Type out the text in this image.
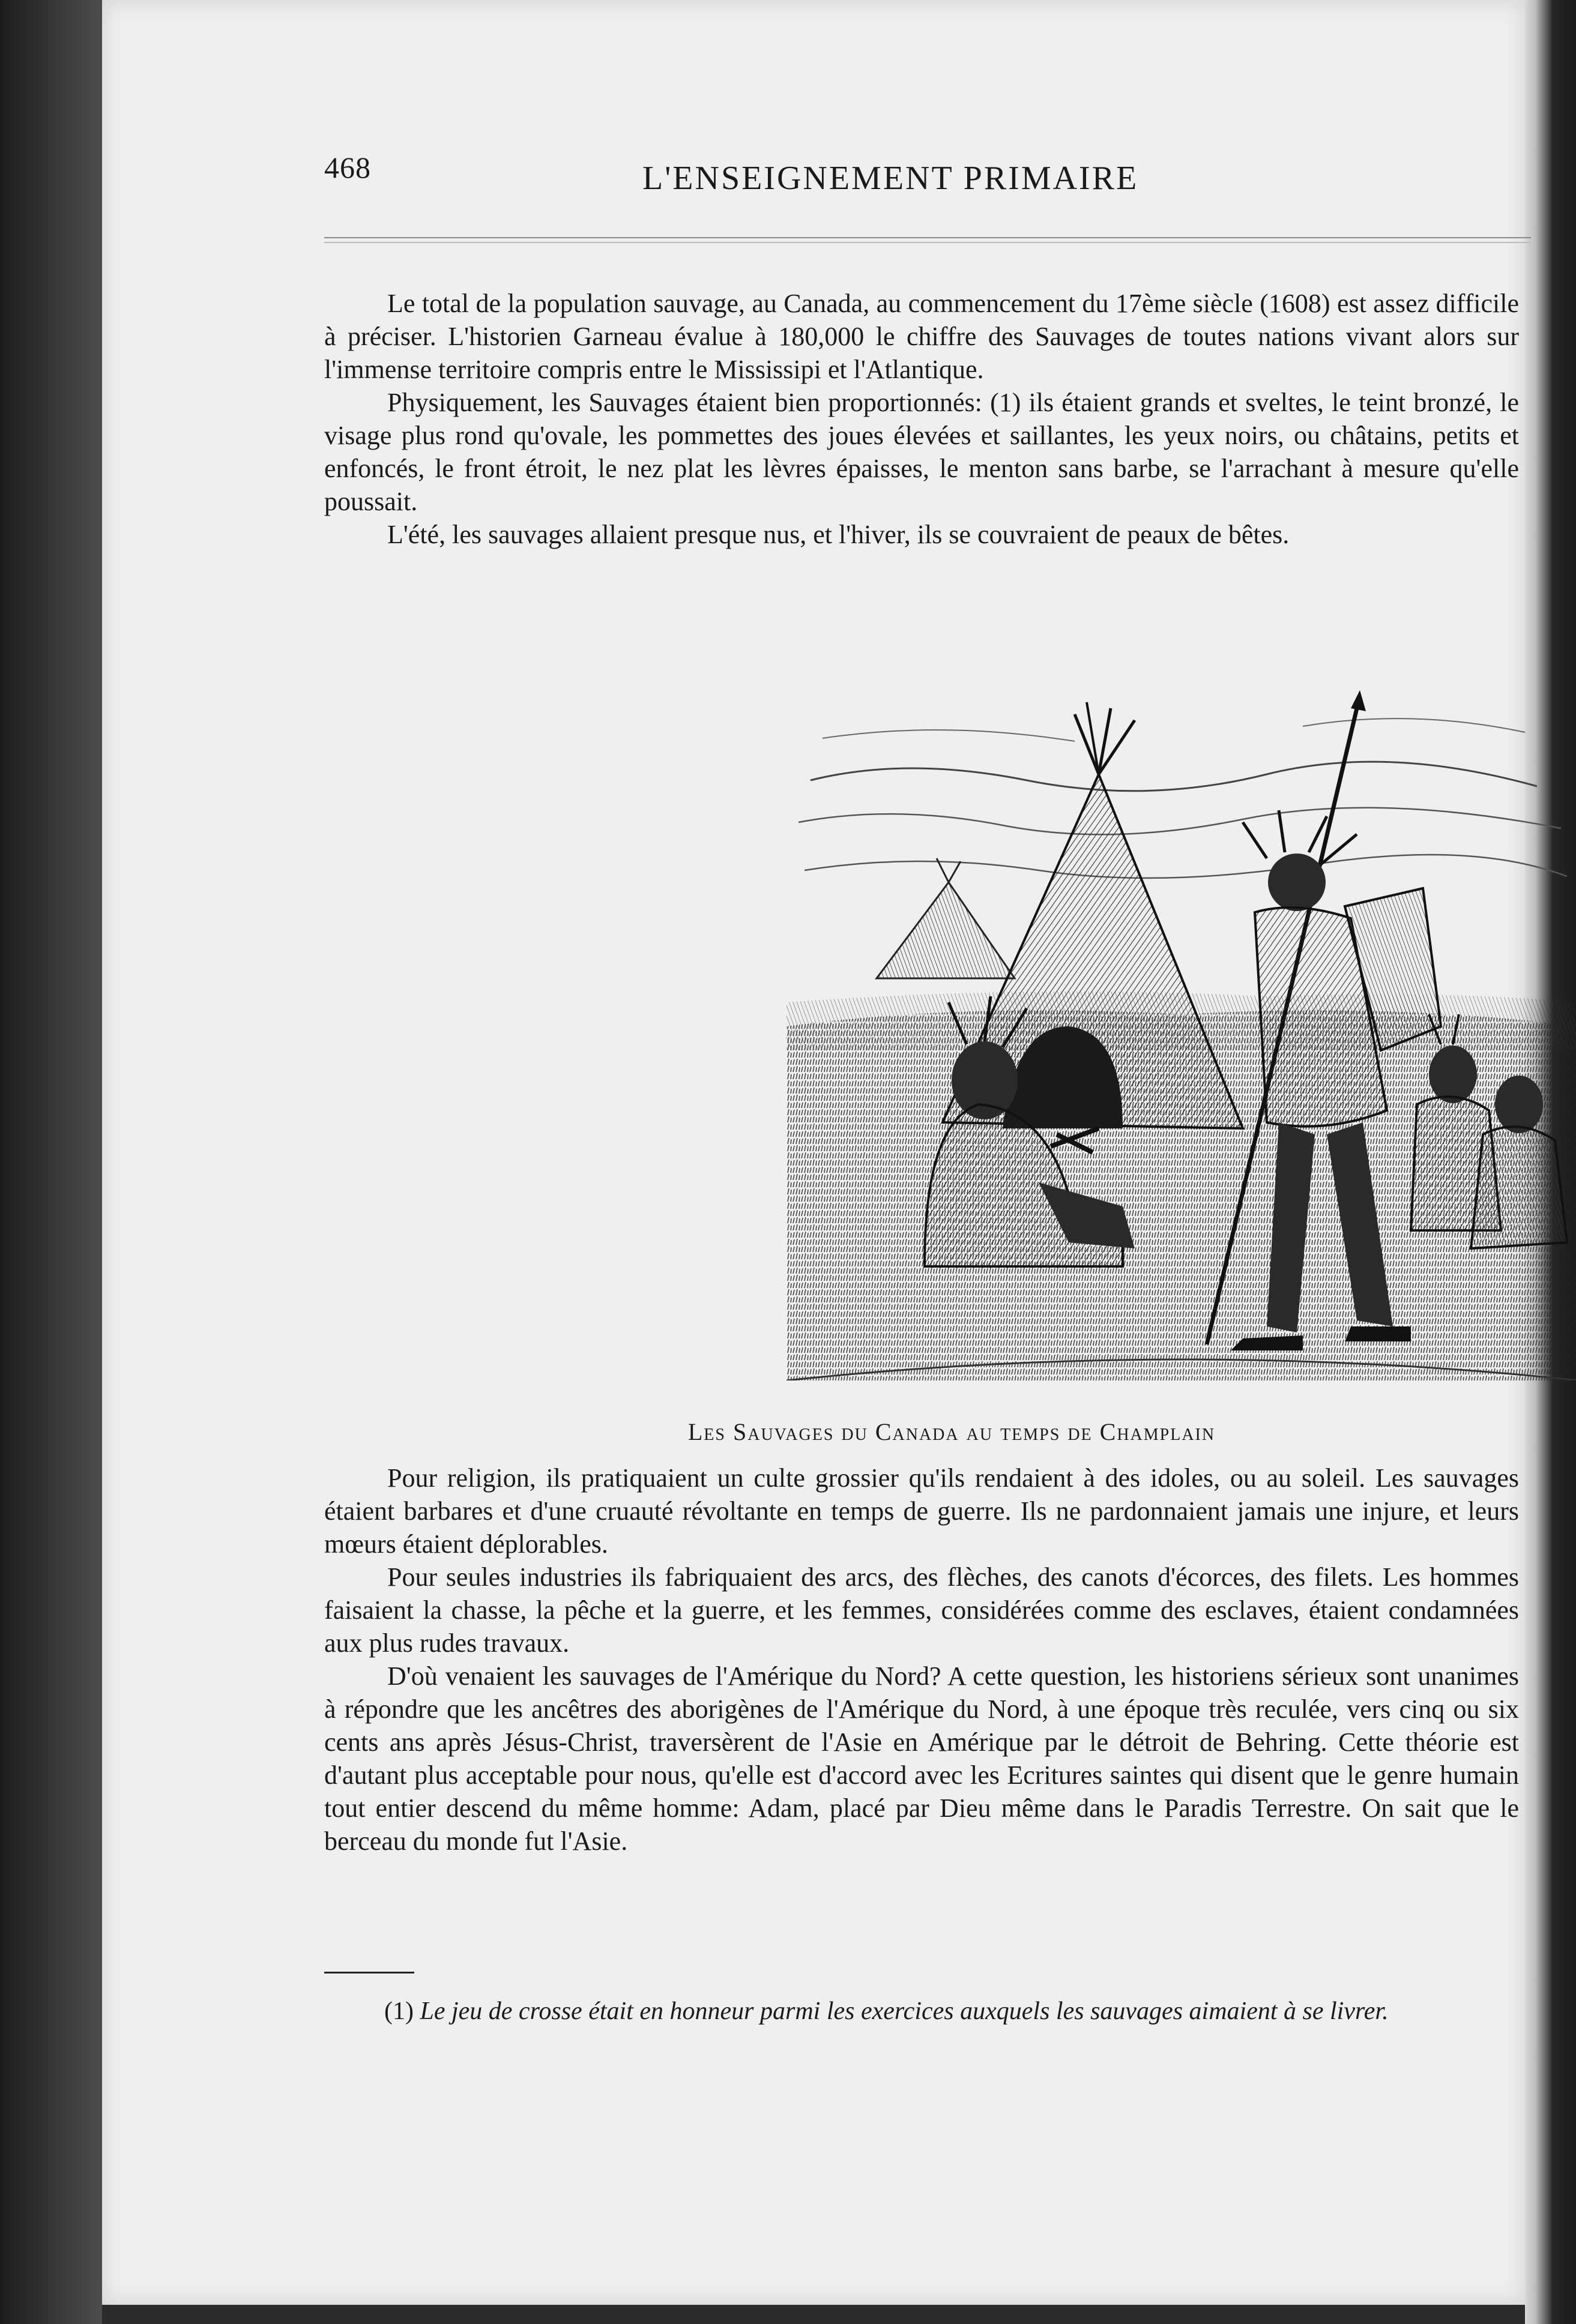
468	L'ENSEIGNEMENT PRIMAIRE

Le total de la population sauvage, au Canada, au commencement du 17ème siècle (1608) est assez difficile à préciser. L'historien Garneau évalue à 180,000 le chiffre des Sauvages de toutes nations vivant alors sur l'immense territoire compris entre le Mississipi et l'Atlantique.

Physiquement, les Sauvages étaient bien proportionnés: (1) ils étaient grands et sveltes, le teint bronzé, le visage plus rond qu'ovale, les pommettes des joues élevées et saillantes, les yeux noirs, ou châtains, petits et enfoncés, le front étroit, le nez plat les lèvres épaisses, le menton sans barbe, se l'arrachant à mesure qu'elle poussait.

L'été, les sauvages allaient presque nus, et l'hiver, ils se couvraient de peaux de bêtes.

Les Sauvages du Canada au temps de Champlain

Pour religion, ils pratiquaient un culte grossier qu'ils rendaient à des idoles, ou au soleil. Les sauvages étaient barbares et d'une cruauté révoltante en temps de guerre. Ils ne pardonnaient jamais une injure, et leurs mœurs étaient déplorables.

Pour seules industries ils fabriquaient des arcs, des flèches, des canots d'écorces, des filets. Les hommes faisaient la chasse, la pêche et la guerre, et les femmes, considérées comme des esclaves, étaient condamnées aux plus rudes travaux.

D'où venaient les sauvages de l'Amérique du Nord? A cette question, les historiens sérieux sont unanimes à répondre que les ancêtres des aborigènes de l'Amérique du Nord, à une époque très reculée, vers cinq ou six cents ans après Jésus-Christ, traversèrent de l'Asie en Amérique par le détroit de Behring. Cette théorie est d'autant plus acceptable pour nous, qu'elle est d'accord avec les Ecritures saintes qui disent que le genre humain tout entier descend du même homme: Adam, placé par Dieu même dans le Paradis Terrestre. On sait que le berceau du monde fut l'Asie.

(1) Le jeu de crosse était en honneur parmi les exercices auxquels les sauvages aimaient à se livrer.
